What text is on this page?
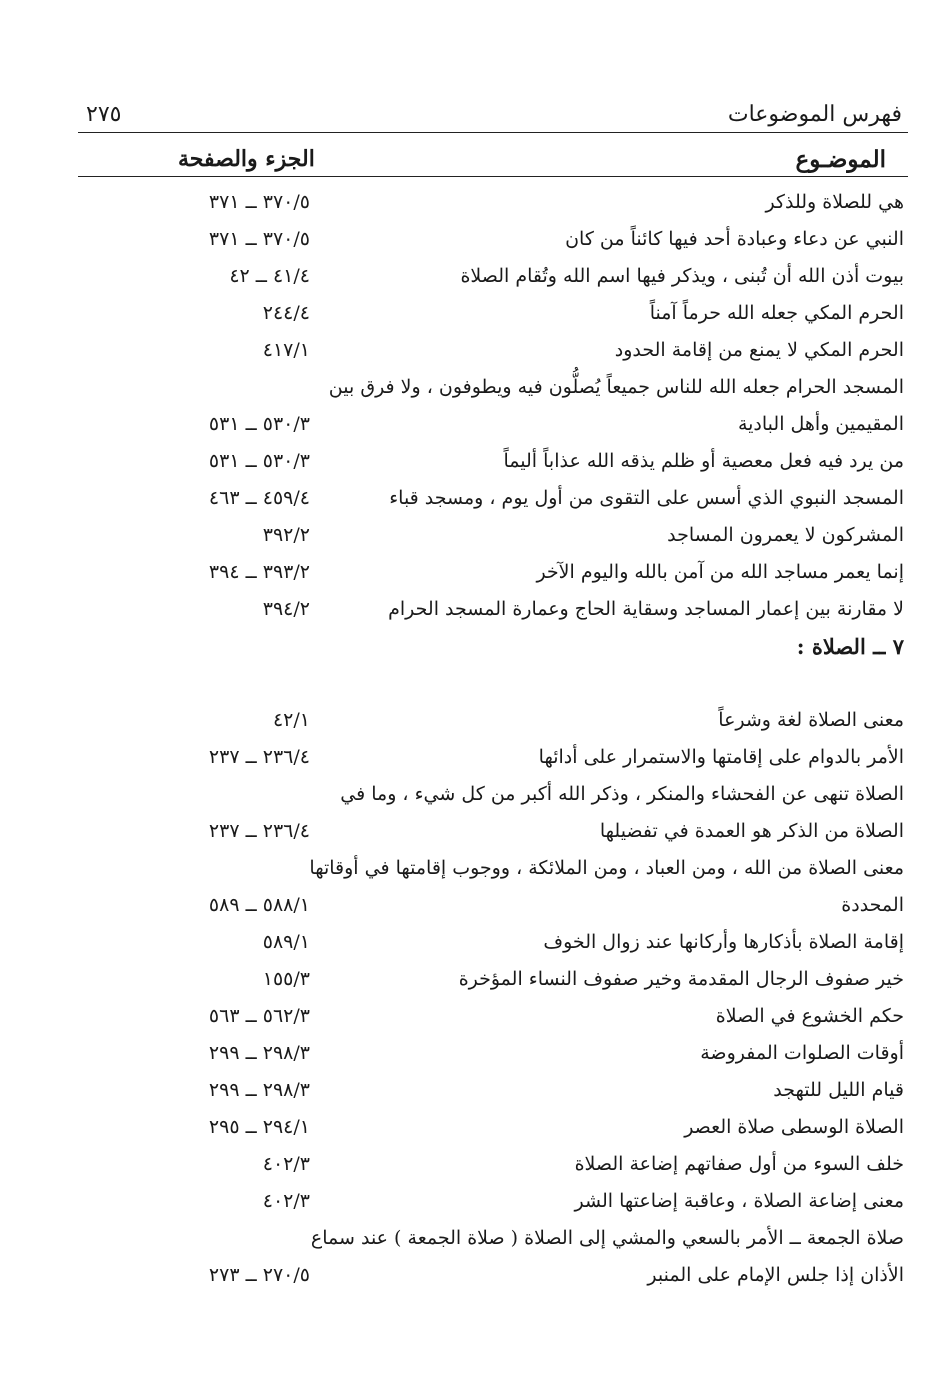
٢٧٥	فهرس الموضوعات
الموضـوع
الجزء والصفحة
هي للصلاة وللذكر
٣٧٠/٥ ــ ٣٧١
النبي عن دعاء وعبادة أحد فيها كائناً من كان
٣٧٠/٥ ــ ٣٧١
بيوت أذن الله أن تُبنى ، ويذكر فيها اسم الله وتُقام الصلاة
٤١/٤ ــ ٤٢
الحرم المكي جعله الله حرماً آمناً
٢٤٤/٤
الحرم المكي لا يمنع من إقامة الحدود
٤١٧/١
المسجد الحرام جعله الله للناس جميعاً يُصلُّون فيه ويطوفون ، ولا فرق بين
المقيمين وأهل البادية
٥٣٠/٣ ــ ٥٣١
من يرد فيه فعل معصية أو ظلم يذقه الله عذاباً أليماً
٥٣٠/٣ ــ ٥٣١
المسجد النبوي الذي أسس على التقوى من أول يوم ، ومسجد قباء
٤٥٩/٤ ــ ٤٦٣
المشركون لا يعمرون المساجد
٣٩٢/٢
إنما يعمر مساجد الله من آمن بالله واليوم الآخر
٣٩٣/٢ ــ ٣٩٤
لا مقارنة بين إعمار المساجد وسقاية الحاج وعمارة المسجد الحرام
٣٩٤/٢
٧ ــ الصلاة :
معنى الصلاة لغة وشرعاً
٤٢/١
الأمر بالدوام على إقامتها والاستمرار على أدائها
٢٣٦/٤ ــ ٢٣٧
الصلاة تنهى عن الفحشاء والمنكر ، وذكر الله أكبر من كل شيء ، وما في
الصلاة من الذكر هو العمدة في تفضيلها
٢٣٦/٤ ــ ٢٣٧
معنى الصلاة من الله ، ومن العباد ، ومن الملائكة ، ووجوب إقامتها في أوقاتها
المحددة
٥٨٨/١ ــ ٥٨٩
إقامة الصلاة بأذكارها وأركانها عند زوال الخوف
٥٨٩/١
خير صفوف الرجال المقدمة وخير صفوف النساء المؤخرة
١٥٥/٣
حكم الخشوع في الصلاة
٥٦٢/٣ ــ ٥٦٣
أوقات الصلوات المفروضة
٢٩٨/٣ ــ ٢٩٩
قيام الليل للتهجد
٢٩٨/٣ ــ ٢٩٩
الصلاة الوسطى صلاة العصر
٢٩٤/١ ــ ٢٩٥
خلف السوء من أول صفاتهم إضاعة الصلاة
٤٠٢/٣
معنى إضاعة الصلاة ، وعاقبة إضاعتها الشر
٤٠٢/٣
صلاة الجمعة ــ الأمر بالسعي والمشي إلى الصلاة ( صلاة الجمعة ) عند سماع
الأذان إذا جلس الإمام على المنبر
٢٧٠/٥ ــ ٢٧٣
